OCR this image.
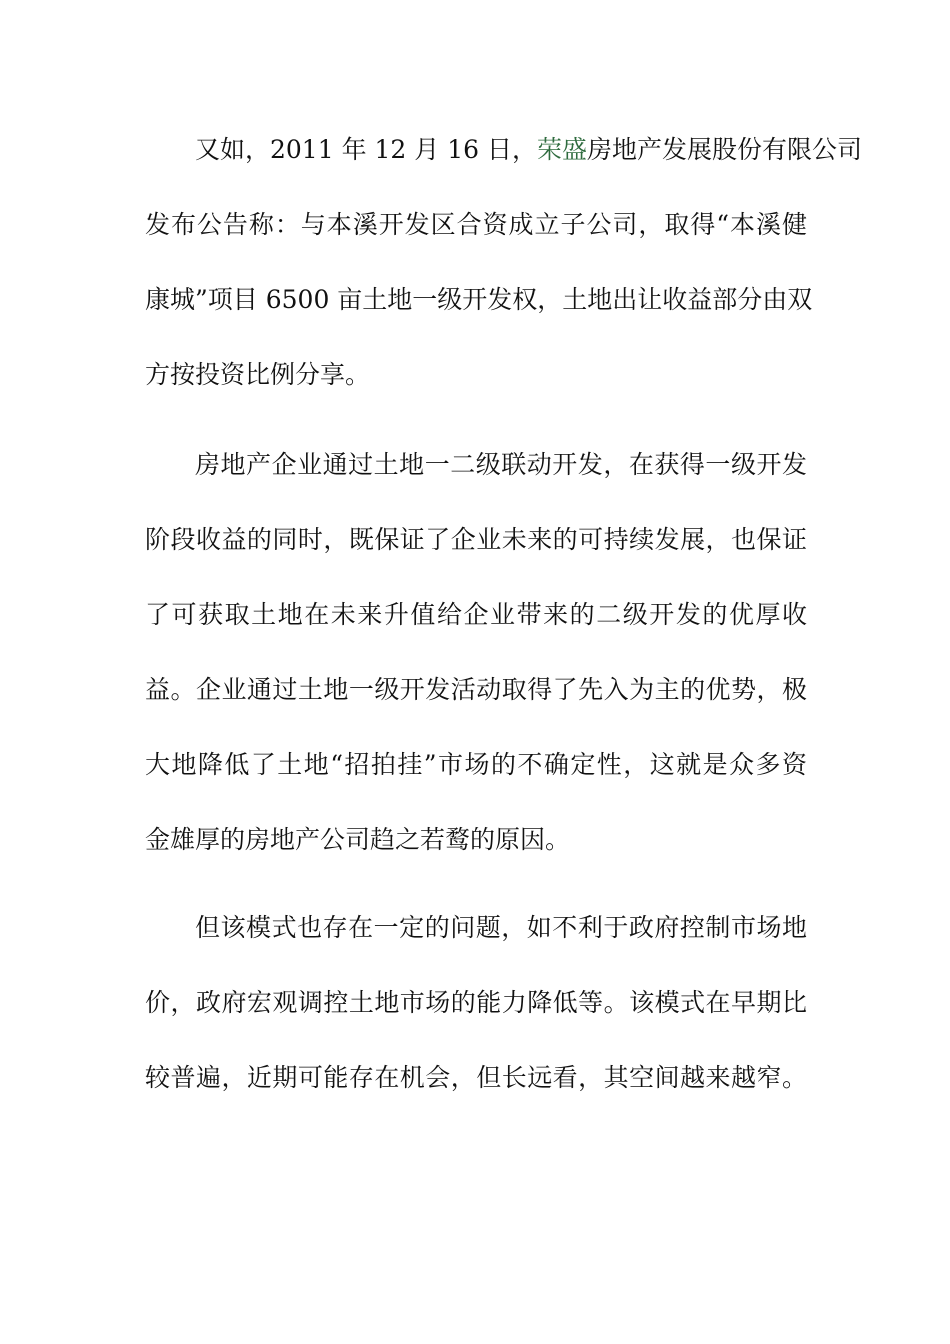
又如，2011 年 12 月 16 日，荣盛房地产发展股份有限公司
发布公告称：与本溪开发区合资成立子公司，取得“本溪健
康城”项目 6500 亩土地一级开发权，土地出让收益部分由双
方按投资比例分享。
房地产企业通过土地一二级联动开发，在获得一级开发
阶段收益的同时，既保证了企业未来的可持续发展，也保证
了可获取土地在未来升值给企业带来的二级开发的优厚收
益。企业通过土地一级开发活动取得了先入为主的优势，极
大地降低了土地“招拍挂”市场的不确定性，这就是众多资
金雄厚的房地产公司趋之若鹜的原因。
但该模式也存在一定的问题，如不利于政府控制市场地
价，政府宏观调控土地市场的能力降低等。该模式在早期比
较普遍，近期可能存在机会，但长远看，其空间越来越窄。
